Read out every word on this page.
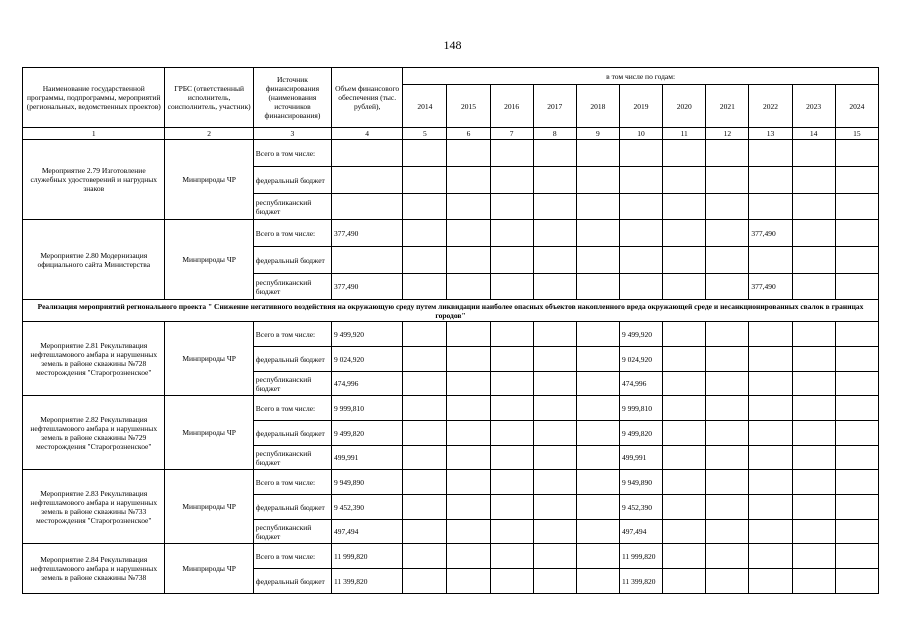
148
Наименование государственной программы, подпрограммы, мероприятий (региональных, ведомственных проектов)	ГРБС (ответственный исполнитель, соисполнитель, участник)	Источник финансирования (наименования источников финансирования)	Объем финансового обеспечения (тыс. рублей),	в том числе по годам:										
				2014	2015	2016	2017	2018	2019	2020	2021	2022	2023	2024
1	2	3	4	5	6	7	8	9	10	11	12	13	14	15
Мероприятие 2.79 Изготовление служебных удостоверений и нагрудных знаков	Минприроды ЧР	Всего в том числе:												
		федеральный бюджет												
		республиканский бюджет												
Мероприятие 2.80 Модернизация официального сайта Министерства	Минприроды ЧР	Всего в том числе:	377,490									377,490		
		федеральный бюджет												
		республиканский бюджет	377,490									377,490		
Реализация мероприятий регионального проекта " Снижение негативного воздействия на окружающую среду путем ликвидации наиболее опасных объектов накопленного вреда окружающей среде и несанкционированных свалок в границах городов"														
Мероприятие 2.81 Рекультивация нефтешламового амбара и нарушенных земель в районе скважины №728 месторождения "Старогрозненское"	Минприроды ЧР	Всего в том числе:	9 499,920						9 499,920					
		федеральный бюджет	9 024,920						9 024,920					
		республиканский бюджет	474,996						474,996					
Мероприятие 2.82 Рекультивация нефтешламового амбара и нарушенных земель в районе скважины №729 месторождения "Старогрозненское"	Минприроды ЧР	Всего в том числе:	9 999,810						9 999,810					
		федеральный бюджет	9 499,820						9 499,820					
		республиканский бюджет	499,991						499,991					
Мероприятие 2.83 Рекультивация нефтешламового амбара и нарушенных земель в районе скважины №733 месторождения "Старогрозненское"	Минприроды ЧР	Всего в том числе:	9 949,890						9 949,890					
		федеральный бюджет	9 452,390						9 452,390					
		республиканский бюджет	497,494						497,494					
Мероприятие 2.84 Рекультивация нефтешламового амбара и нарушенных земель в районе скважины №738	Минприроды ЧР	Всего в том числе:	11 999,820						11 999,820					
		федеральный бюджет	11 399,820						11 399,820					
